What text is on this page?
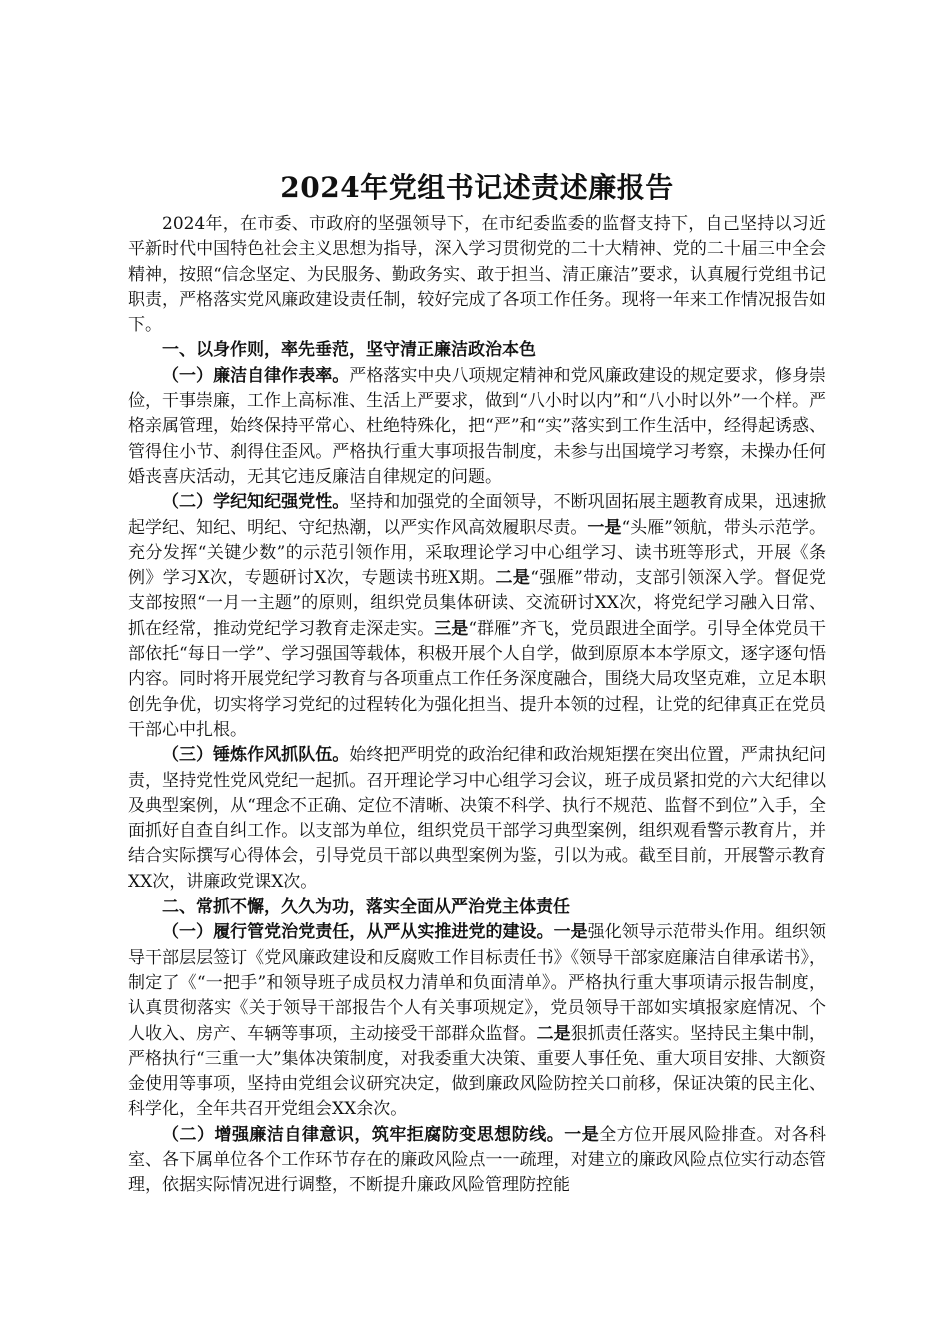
2024年党组书记述责述廉报告

2024年，在市委、市政府的坚强领导下，在市纪委监委的监督支持下，自己坚持以习近平新时代中国特色社会主义思想为指导，深入学习贯彻党的二十大精神、党的二十届三中全会精神，按照“信念坚定、为民服务、勤政务实、敢于担当、清正廉洁”要求，认真履行党组书记职责，严格落实党风廉政建设责任制，较好完成了各项工作任务。现将一年来工作情况报告如下。

一、以身作则，率先垂范，坚守清正廉洁政治本色

（一）廉洁自律作表率。严格落实中央八项规定精神和党风廉政建设的规定要求，修身崇俭，干事崇廉，工作上高标准、生活上严要求，做到“八小时以内”和“八小时以外”一个样。严格亲属管理，始终保持平常心、杜绝特殊化，把“严”和“实”落实到工作生活中，经得起诱惑、管得住小节、刹得住歪风。严格执行重大事项报告制度，未参与出国境学习考察，未操办任何婚丧喜庆活动，无其它违反廉洁自律规定的问题。

（二）学纪知纪强党性。坚持和加强党的全面领导，不断巩固拓展主题教育成果，迅速掀起学纪、知纪、明纪、守纪热潮，以严实作风高效履职尽责。一是“头雁”领航，带头示范学。充分发挥“关键少数”的示范引领作用，采取理论学习中心组学习、读书班等形式，开展《条例》学习X次，专题研讨X次，专题读书班X期。二是“强雁”带动，支部引领深入学。督促党支部按照“一月一主题”的原则，组织党员集体研读、交流研讨XX次，将党纪学习融入日常、抓在经常，推动党纪学习教育走深走实。三是“群雁”齐飞，党员跟进全面学。引导全体党员干部依托“每日一学”、学习强国等载体，积极开展个人自学，做到原原本本学原文，逐字逐句悟内容。同时将开展党纪学习教育与各项重点工作任务深度融合，围绕大局攻坚克难，立足本职创先争优，切实将学习党纪的过程转化为强化担当、提升本领的过程，让党的纪律真正在党员干部心中扎根。

（三）锤炼作风抓队伍。始终把严明党的政治纪律和政治规矩摆在突出位置，严肃执纪问责，坚持党性党风党纪一起抓。召开理论学习中心组学习会议，班子成员紧扣党的六大纪律以及典型案例，从“理念不正确、定位不清晰、决策不科学、执行不规范、监督不到位”入手，全面抓好自查自纠工作。以支部为单位，组织党员干部学习典型案例，组织观看警示教育片，并结合实际撰写心得体会，引导党员干部以典型案例为鉴，引以为戒。截至目前，开展警示教育XX次，讲廉政党课X次。

二、常抓不懈，久久为功，落实全面从严治党主体责任

（一）履行管党治党责任，从严从实推进党的建设。一是强化领导示范带头作用。组织领导干部层层签订《党风廉政建设和反腐败工作目标责任书》《领导干部家庭廉洁自律承诺书》，制定了《“一把手”和领导班子成员权力清单和负面清单》。严格执行重大事项请示报告制度，认真贯彻落实《关于领导干部报告个人有关事项规定》，党员领导干部如实填报家庭情况、个人收入、房产、车辆等事项，主动接受干部群众监督。二是狠抓责任落实。坚持民主集中制，严格执行“三重一大”集体决策制度，对我委重大决策、重要人事任免、重大项目安排、大额资金使用等事项，坚持由党组会议研究决定，做到廉政风险防控关口前移，保证决策的民主化、科学化，全年共召开党组会XX余次。

（二）增强廉洁自律意识，筑牢拒腐防变思想防线。一是全方位开展风险排查。对各科室、各下属单位各个工作环节存在的廉政风险点一一疏理，对建立的廉政风险点位实行动态管理，依据实际情况进行调整，不断提升廉政风险管理防控能
